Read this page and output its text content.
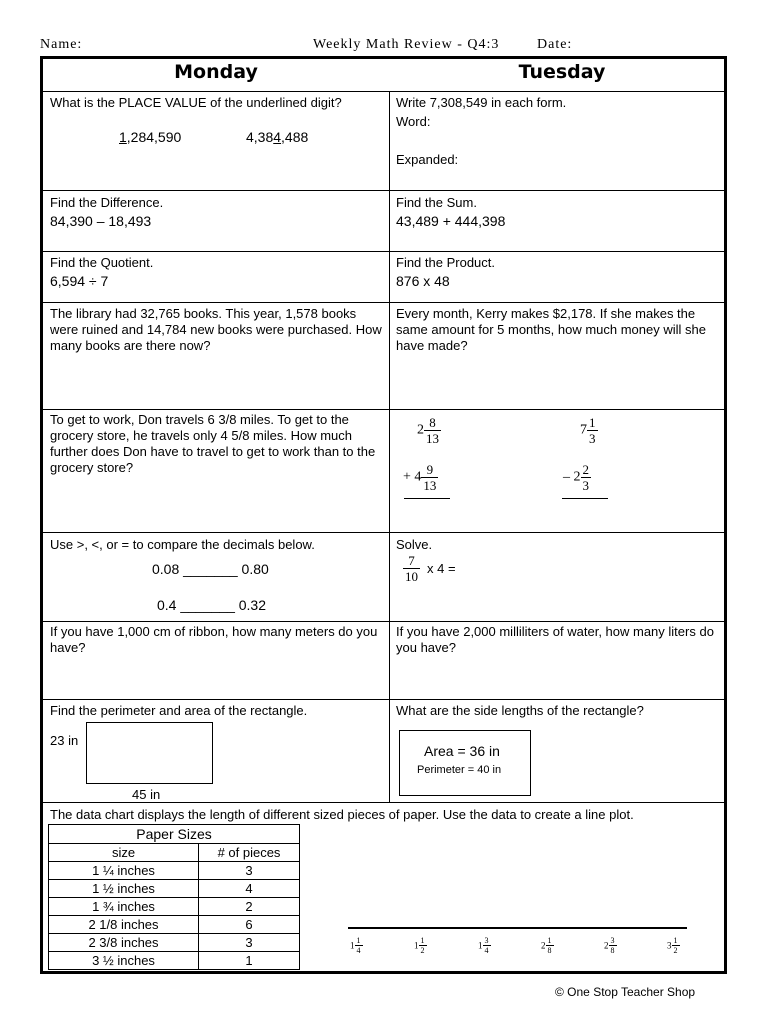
Name:	Weekly Math Review - Q4:3	Date:
Monday	Tuesday
What is the PLACE VALUE of the underlined digit?
1,284,590	4,384,488
Write 7,308,549 in each form.
Word:
Expanded:
Find the Difference.
84,390 – 18,493
Find the Sum.
43,489 + 444,398
Find the Quotient.
6,594 ÷ 7
Find the Product.
876 x 48
The library had 32,765 books. This year, 1,578 books were ruined and 14,784 new books were purchased. How many books are there now?
Every month, Kerry makes $2,178. If she makes the same amount for 5 months, how much money will she have made?
To get to work, Don travels 6 3/8 miles. To get to the grocery store, he travels only 4 5/8 miles. How much further does Don have to travel to get to work than to the grocery store?
$2 \frac{8}{13}$
+ $4 \frac{9}{13}$
$7 \frac{1}{3}$
– $2 \frac{2}{3}$
Use >, <, or = to compare the decimals below.
0.08 _______ 0.80
0.4 _______ 0.32
Solve.
$\frac{7}{10}$ x 4 =
If you have 1,000 cm of ribbon, how many meters do you have?
If you have 2,000 milliliters of water, how many liters do you have?
Find the perimeter and area of the rectangle.
23 in
45 in
What are the side lengths of the rectangle?
Area = 36 in
Perimeter = 40 in
The data chart displays the length of different sized pieces of paper. Use the data to create a line plot.
Paper Sizes	
size	# of pieces
1 ¼ inches	3
1 ½ inches	4
1 ¾ inches	2
2 1/8 inches	6
2 3/8 inches	3
3 ½ inches	1
$1 \frac{1}{4}$	$1 \frac{1}{2}$	$1 \frac{3}{4}$	$2 \frac{1}{8}$	$2 \frac{3}{8}$	$3 \frac{1}{2}$
© One Stop Teacher Shop
